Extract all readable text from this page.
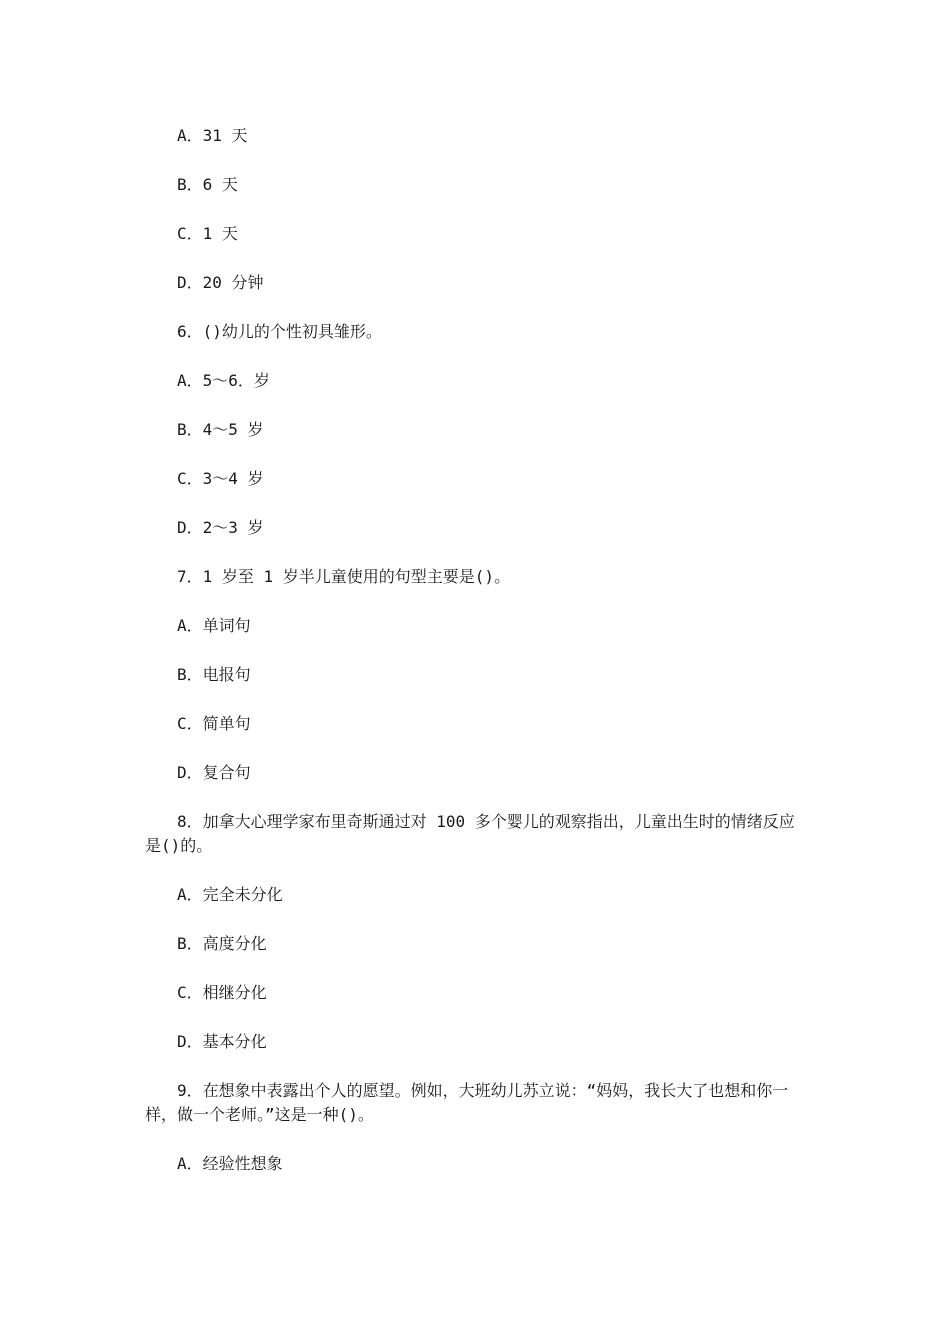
A．31 天
B．6 天
C．1 天
D．20 分钟
6．()幼儿的个性初具雏形。
A．5～6．岁
B．4～5 岁
C．3～4 岁
D．2～3 岁
7．1 岁至 1 岁半儿童使用的句型主要是()。
A．单词句
B．电报句
C．简单句
D．复合句
8．加拿大心理学家布里奇斯通过对 100 多个婴儿的观察指出，儿童出生时的情绪反应是()的。
A．完全未分化
B．高度分化
C．相继分化
D．基本分化
9．在想象中表露出个人的愿望。例如，大班幼儿苏立说：“妈妈，我长大了也想和你一样，做一个老师。”这是一种()。
A．经验性想象
